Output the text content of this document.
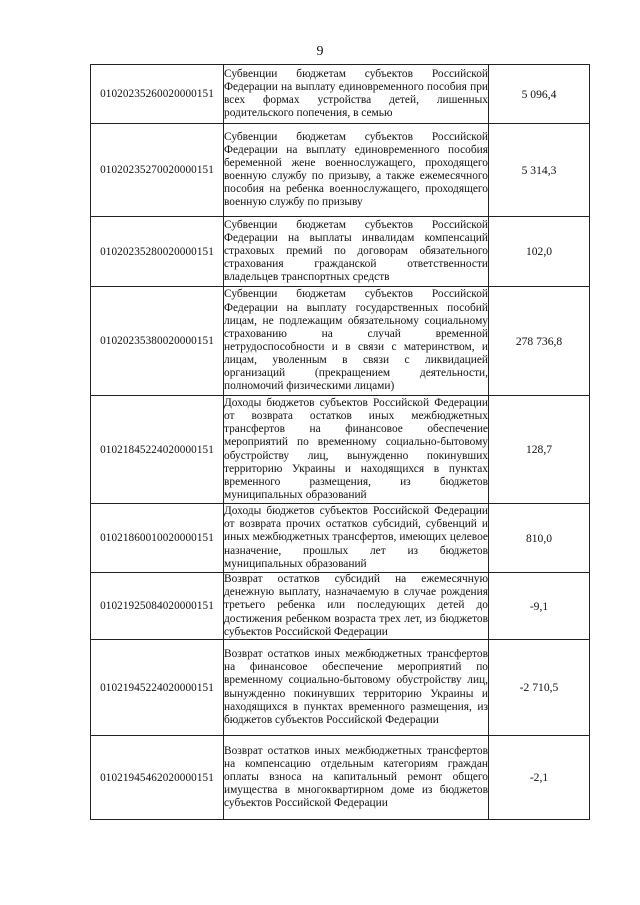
9
01020235260020000151	Субвенции бюджетам субъектов Российской Федерации на выплату единовременного пособия при всех формах устройства детей, лишенных родительского попечения, в семью	5 096,4
01020235270020000151	Субвенции бюджетам субъектов Российской Федерации на выплату единовременного пособия беременной жене военнослужащего, проходящего военную службу по призыву, а также ежемесячного пособия на ребенка военнослужащего, проходящего военную службу по призыву	5 314,3
01020235280020000151	Субвенции бюджетам субъектов Российской Федерации на выплаты инвалидам компенсаций страховых премий по договорам обязательного страхования гражданской ответственности владельцев транспортных средств	102,0
01020235380020000151	Субвенции бюджетам субъектов Российской Федерации на выплату государственных пособий лицам, не подлежащим обязательному социальному страхованию на случай временной нетрудоспособности и в связи с материнством, и лицам, уволенным в связи с ликвидацией организаций (прекращением деятельности, полномочий физическими лицами)	278 736,8
01021845224020000151	Доходы бюджетов субъектов Российской Федерации от возврата остатков иных межбюджетных трансфертов на финансовое обеспечение мероприятий по временному социально-бытовому обустройству лиц, вынужденно покинувших территорию Украины и находящихся в пунктах временного размещения, из бюджетов муниципальных образований	128,7
01021860010020000151	Доходы бюджетов субъектов Российской Федерации от возврата прочих остатков субсидий, субвенций и иных межбюджетных трансфертов, имеющих целевое назначение, прошлых лет из бюджетов муниципальных образований	810,0
01021925084020000151	Возврат остатков субсидий на ежемесячную денежную выплату, назначаемую в случае рождения третьего ребенка или последующих детей до достижения ребенком возраста трех лет, из бюджетов субъектов Российской Федерации	-9,1
01021945224020000151	Возврат остатков иных межбюджетных трансфертов на финансовое обеспечение мероприятий по временному социально-бытовому обустройству лиц, вынужденно покинувших территорию Украины и находящихся в пунктах временного размещения, из бюджетов субъектов Российской Федерации	-2 710,5
01021945462020000151	Возврат остатков иных межбюджетных трансфертов на компенсацию отдельным категориям граждан оплаты взноса на капитальный ремонт общего имущества в многоквартирном доме из бюджетов субъектов Российской Федерации	-2,1
